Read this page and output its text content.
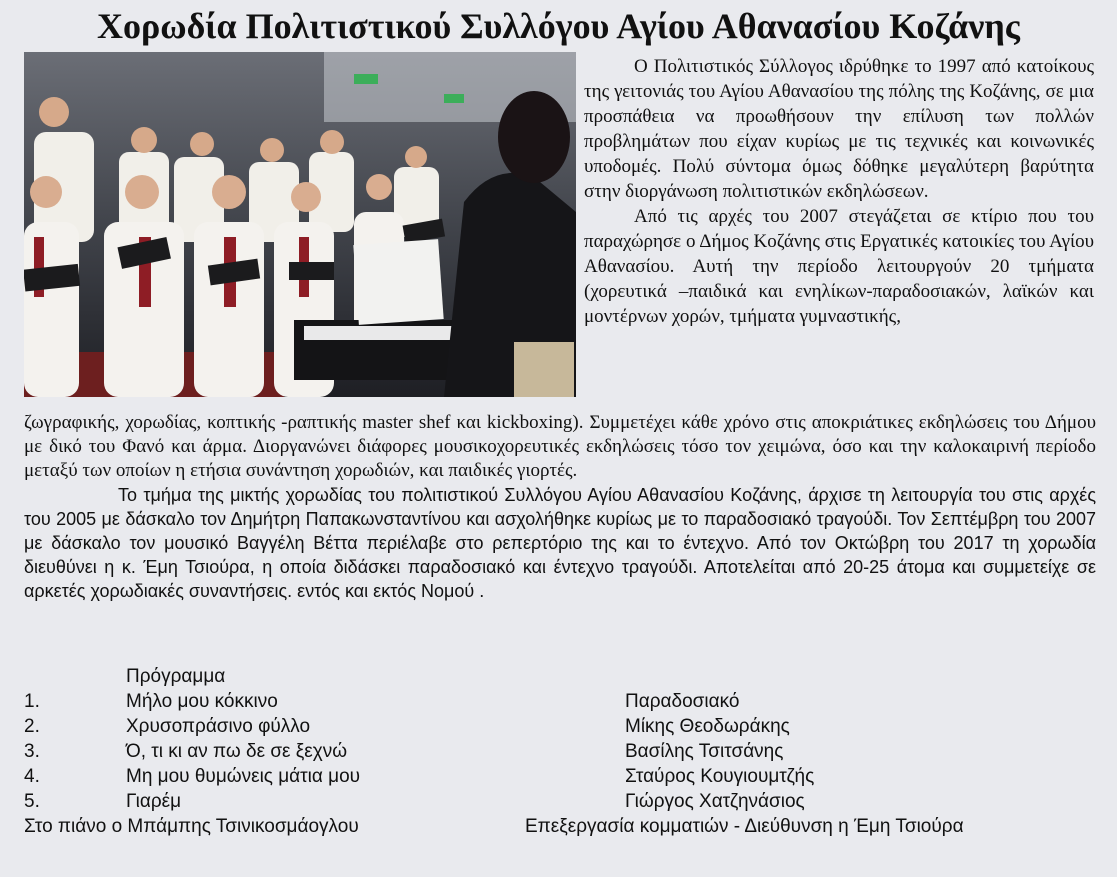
Χορωδία Πολιτιστικού Συλλόγου Αγίου Αθανασίου Κοζάνης

Ο Πολιτιστικός Σύλλογος ιδρύθηκε το 1997 από κατοίκους της γειτονιάς του Αγίου Αθανασίου της πόλης της Κοζάνης, σε μια προσπάθεια να προωθήσουν την επίλυση των πολλών προβλημάτων που είχαν κυρίως με τις τεχνικές και κοινωνικές υποδομές. Πολύ σύντομα όμως δόθηκε μεγαλύτερη βαρύτητα στην διοργάνωση πολιτιστικών εκδηλώσεων.

Από τις αρχές του 2007 στεγάζεται σε κτίριο που του παραχώρησε ο Δήμος Κοζάνης στις Εργατικές κατοικίες του Αγίου Αθανασίου. Αυτή την περίοδο λειτουργούν 20 τμήματα (χορευτικά –παιδικά και ενηλίκων-παραδοσιακών, λαϊκών και μοντέρνων χορών, τμήματα γυμναστικής,

ζωγραφικής, χορωδίας, κοπτικής -ραπτικής master shef και kickboxing). Συμμετέχει κάθε χρόνο στις αποκριάτικες εκδηλώσεις του Δήμου με δικό του Φανό και άρμα. Διοργανώνει διάφορες μουσικοχορευτικές εκδηλώσεις τόσο τον χειμώνα, όσο και την καλοκαιρινή περίοδο μεταξύ των οποίων η ετήσια συνάντηση χορωδιών, και παιδικές γιορτές.

Το τμήμα της μικτής χορωδίας του πολιτιστικού Συλλόγου Αγίου Αθανασίου Κοζάνης, άρχισε τη λειτουργία του στις αρχές του 2005 με δάσκαλο τον Δημήτρη Παπακωνσταντίνου και ασχολήθηκε κυρίως με το παραδοσιακό τραγούδι. Τον Σεπτέμβρη του 2007 με δάσκαλο τον μουσικό Βαγγέλη Βέττα περιέλαβε στο ρεπερτόριο της και το έντεχνο. Από τον Οκτώβρη του 2017 τη χορωδία διευθύνει η κ. Έμη Τσιούρα, η οποία διδάσκει παραδοσιακό και έντεχνο τραγούδι. Αποτελείται από 20-25 άτομα και συμμετείχε σε αρκετές χορωδιακές συναντήσεις. εντός και εκτός Νομού .

Πρόγραμμα
1.	Μήλο μου κόκκινο	Παραδοσιακό
2.	Χρυσοπράσινο φύλλο	Μίκης Θεοδωράκης
3.	Ό, τι κι αν πω δε σε ξεχνώ	Βασίλης Τσιτσάνης
4.	Μη μου θυμώνεις μάτια μου	Σταύρος Κουγιουμτζής
5.	Γιαρέμ	Γιώργος Χατζηνάσιος
Στο πιάνο ο Μπάμπης Τσινικοσμάογλου	Επεξεργασία κομματιών - Διεύθυνση η Έμη Τσιούρα
